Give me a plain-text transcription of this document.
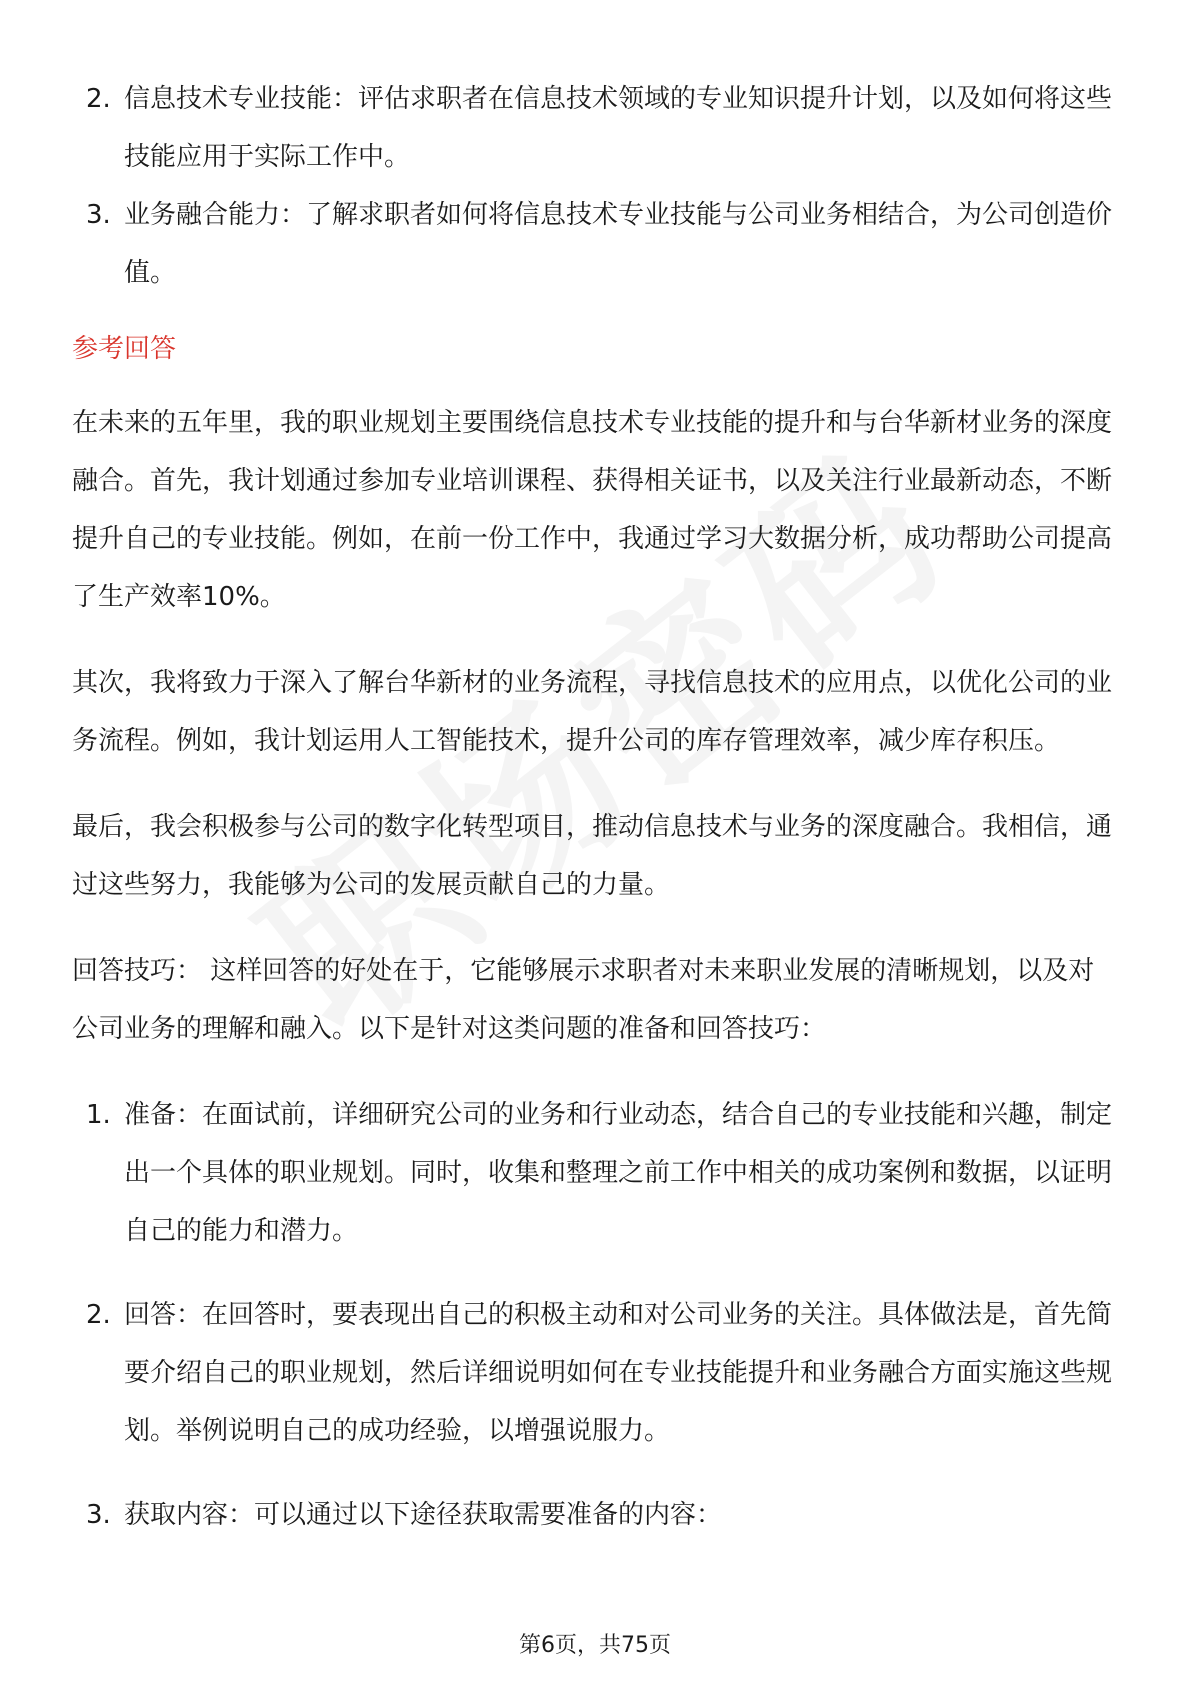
2. 信息技术专业技能：评估求职者在信息技术领域的专业知识提升计划，以及如何将这些技能应用于实际工作中。
3. 业务融合能力：了解求职者如何将信息技术专业技能与公司业务相结合，为公司创造价值。
参考回答

在未来的五年里，我的职业规划主要围绕信息技术专业技能的提升和与台华新材业务的深度融合。首先，我计划通过参加专业培训课程、获得相关证书，以及关注行业最新动态，不断提升自己的专业技能。例如，在前一份工作中，我通过学习大数据分析，成功帮助公司提高了生产效率10%。

其次，我将致力于深入了解台华新材的业务流程，寻找信息技术的应用点，以优化公司的业务流程。例如，我计划运用人工智能技术，提升公司的库存管理效率，减少库存积压。

最后，我会积极参与公司的数字化转型项目，推动信息技术与业务的深度融合。我相信，通过这些努力，我能够为公司的发展贡献自己的力量。

回答技巧： 这样回答的好处在于，它能够展示求职者对未来职业发展的清晰规划，以及对公司业务的理解和融入。以下是针对这类问题的准备和回答技巧：

1. 准备：在面试前，详细研究公司的业务和行业动态，结合自己的专业技能和兴趣，制定出一个具体的职业规划。同时，收集和整理之前工作中相关的成功案例和数据，以证明自己的能力和潜力。
2. 回答：在回答时，要表现出自己的积极主动和对公司业务的关注。具体做法是，首先简要介绍自己的职业规划，然后详细说明如何在专业技能提升和业务融合方面实施这些规划。举例说明自己的成功经验，以增强说服力。
3. 获取内容：可以通过以下途径获取需要准备的内容：
第6页，共75页
